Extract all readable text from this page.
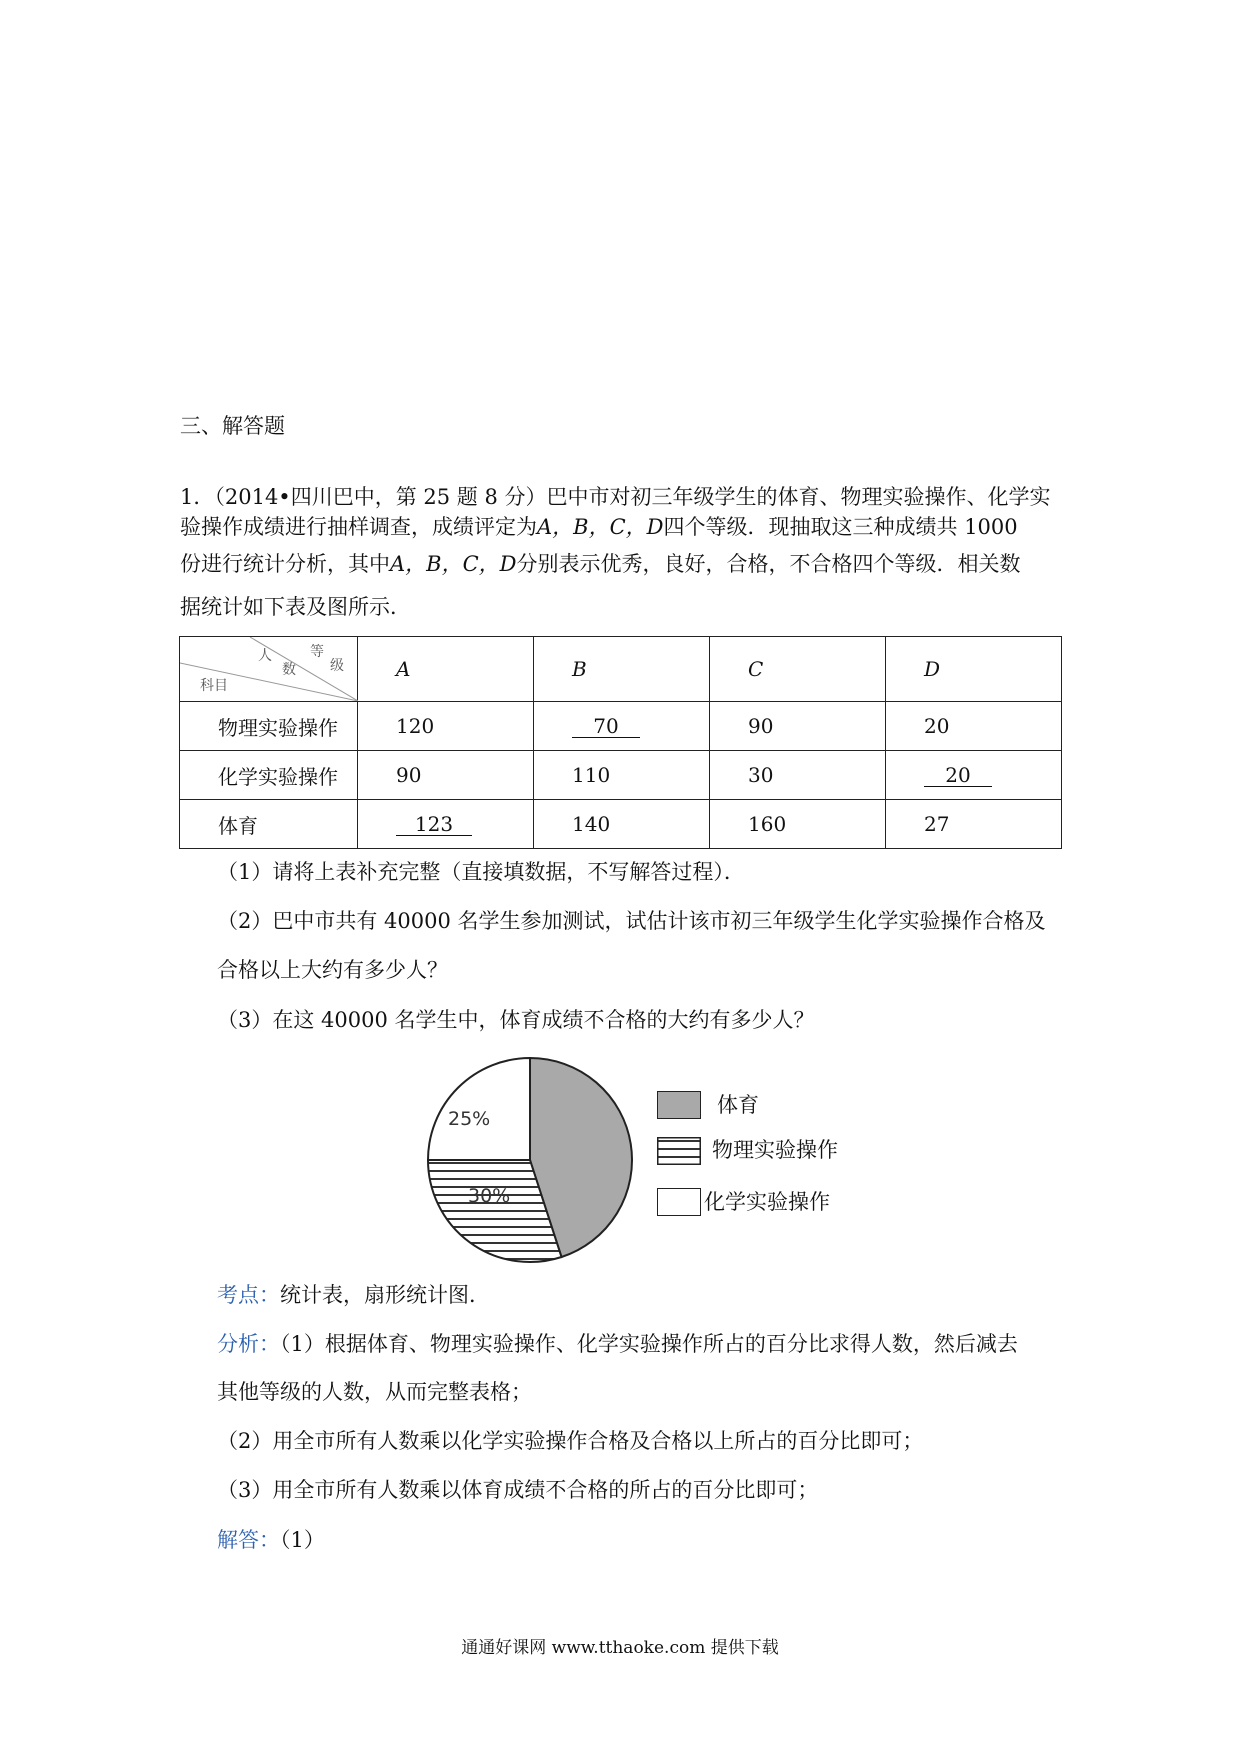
三、解答题
1．（2014•四川巴中，第 25 题 8 分）巴中市对初三年级学生的体育、物理实验操作、化学实
验操作成绩进行抽样调查，成绩评定为A，B，C，D四个等级．现抽取这三种成绩共 1000
份进行统计分析，其中A，B，C，D分别表示优秀，良好，合格，不合格四个等级．相关数
据统计如下表及图所示．
人
数
等
级
科目	A	B	C	D
物理实验操作	120	70	90	20
化学实验操作	90	110	30	20
体育	123	140	160	27
（1）请将上表补充完整（直接填数据，不写解答过程）．
（2）巴中市共有 40000 名学生参加测试，试估计该市初三年级学生化学实验操作合格及
合格以上大约有多少人？
（3）在这 40000 名学生中，体育成绩不合格的大约有多少人？
25%
30%
体育
物理实验操作
化学实验操作
考点：统计表，扇形统计图．
分析：（1）根据体育、物理实验操作、化学实验操作所占的百分比求得人数，然后减去
其他等级的人数，从而完整表格；
（2）用全市所有人数乘以化学实验操作合格及合格以上所占的百分比即可；
（3）用全市所有人数乘以体育成绩不合格的所占的百分比即可；
解答：（1）
通通好课网 www.tthaoke.com 提供下载
